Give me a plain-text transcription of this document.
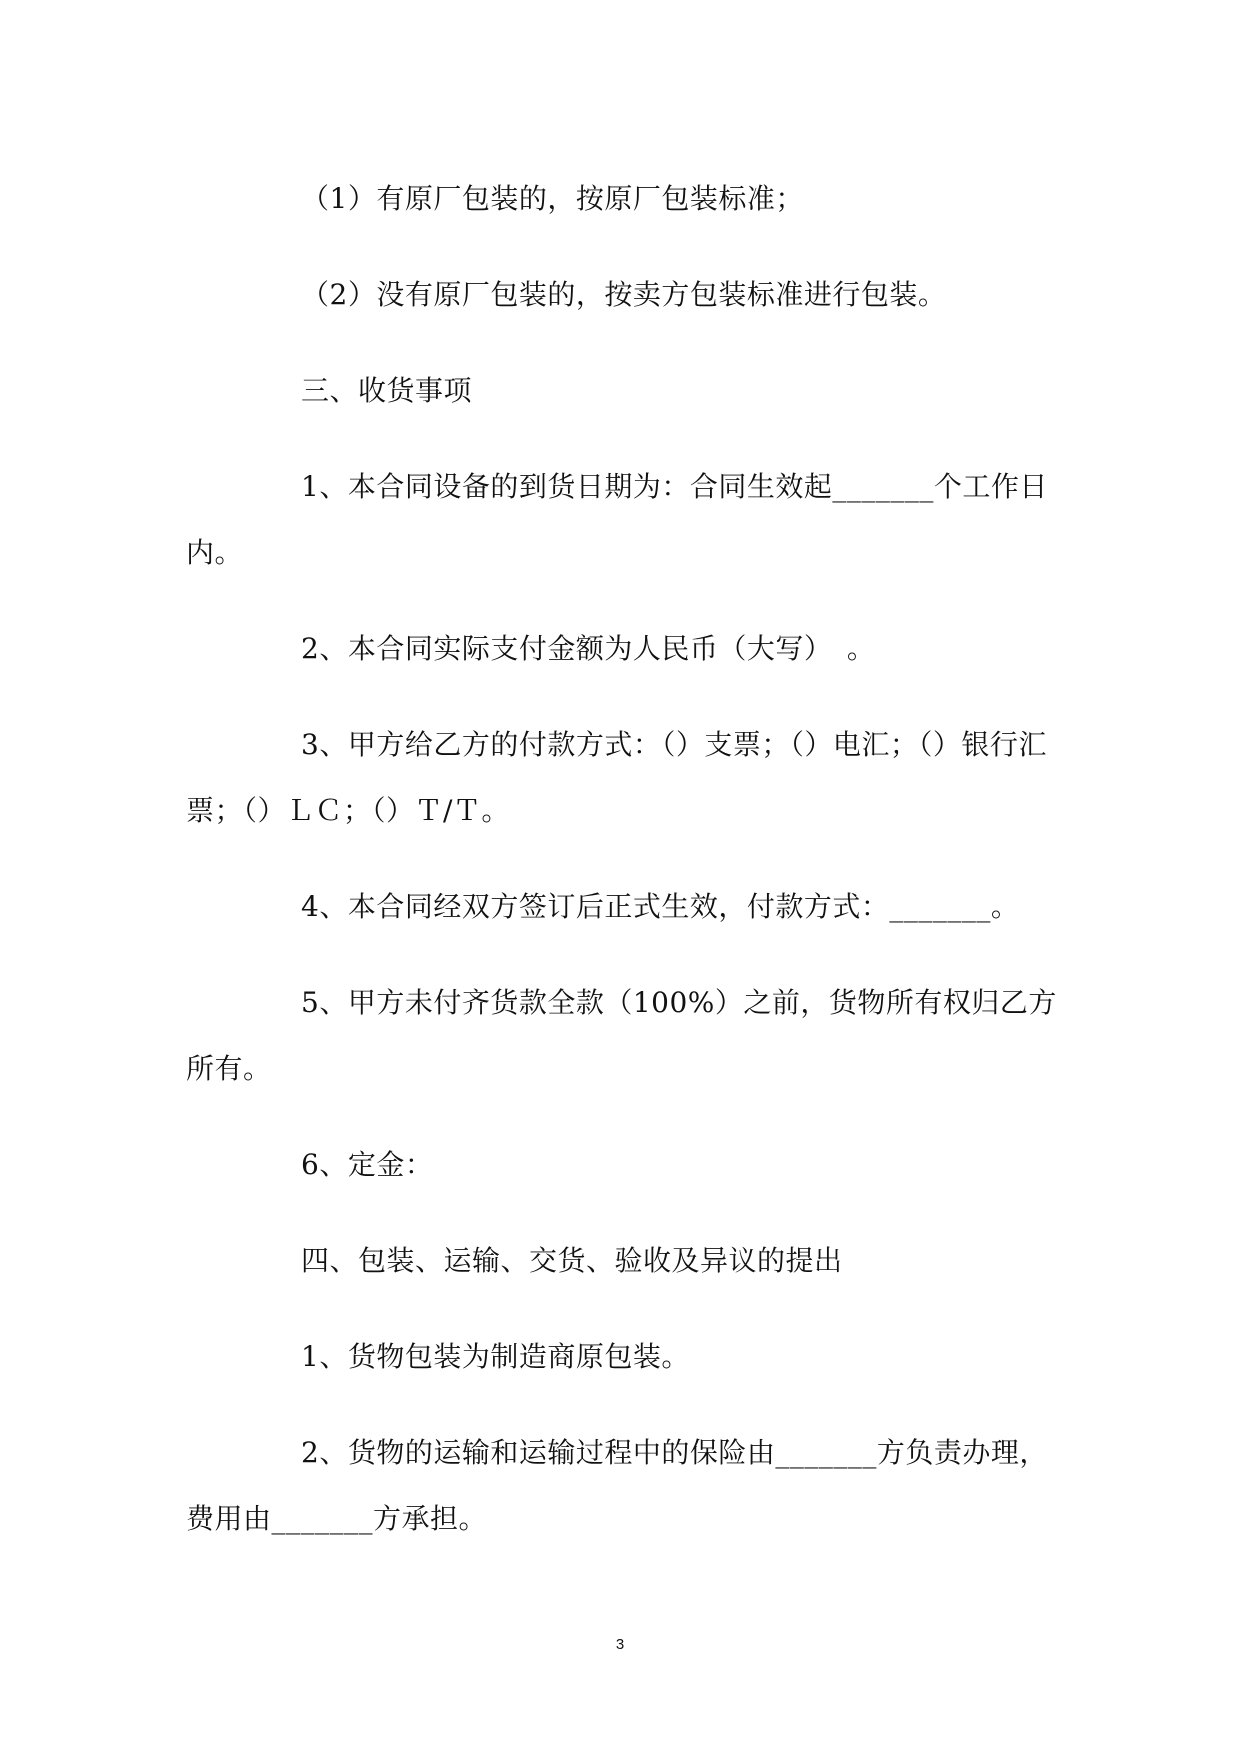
（1）有原厂包装的，按原厂包装标准；

（2）没有原厂包装的，按卖方包装标准进行包装。

三、收货事项

1、本合同设备的到货日期为：合同生效起_______个工作日内。

2、本合同实际支付金额为人民币（大写）　。

3、甲方给乙方的付款方式：（）支票；（）电汇；（）银行汇票；（）ＬＣ；（）Ｔ/Ｔ。

4、本合同经双方签订后正式生效，付款方式：_______。

5、甲方未付齐货款全款（100%）之前，货物所有权归乙方所有。

6、定金：

四、包装、运输、交货、验收及异议的提出

1、货物包装为制造商原包装。

2、货物的运输和运输过程中的保险由_______方负责办理，费用由_______方承担。

3
